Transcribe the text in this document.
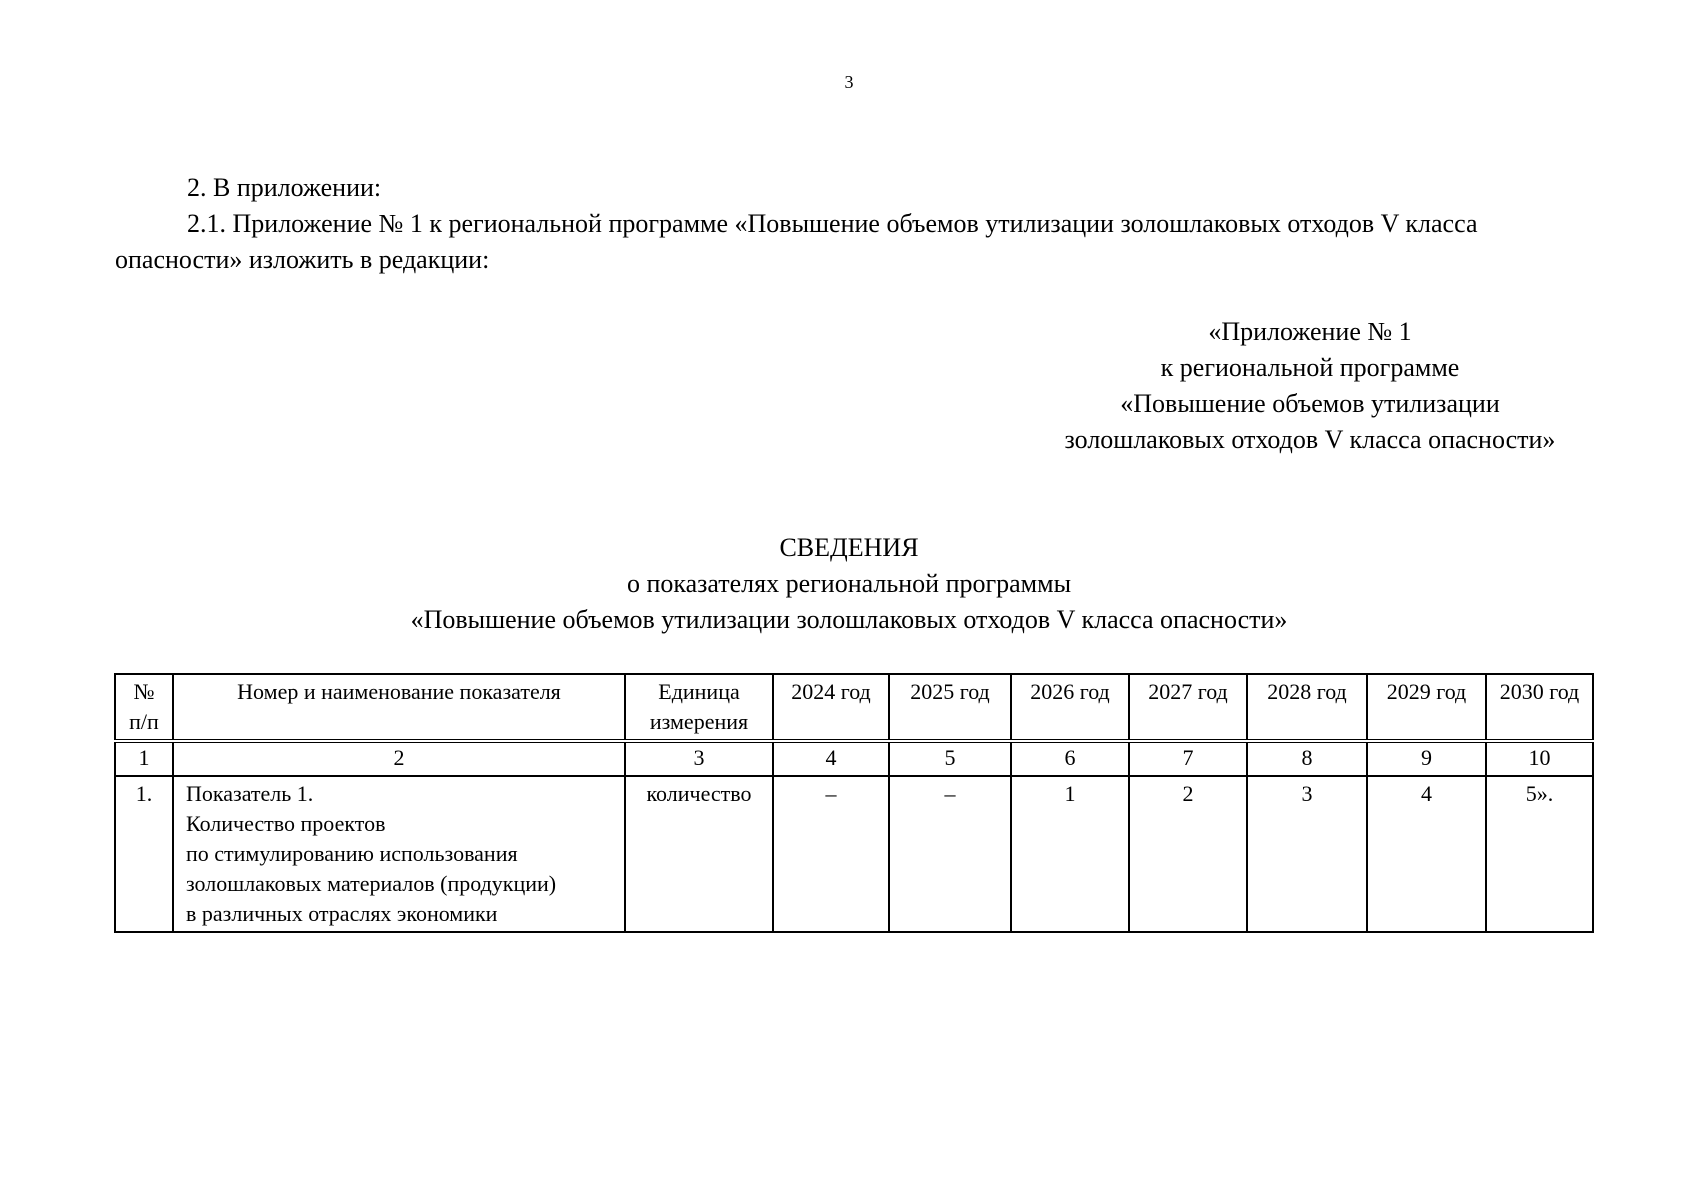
3

2. В приложении:

2.1. Приложение № 1 к региональной программе «Повышение объемов утилизации золошлаковых отходов V класса опасности» изложить в редакции:

«Приложение № 1
к региональной программе
«Повышение объемов утилизации
золошлаковых отходов V класса опасности»
СВЕДЕНИЯ
о показателях региональной программы
«Повышение объемов утилизации золошлаковых отходов V класса опасности»
№ п/п	Номер и наименование показателя	Единица измерения	2024 год	2025 год	2026 год	2027 год	2028 год	2029 год	2030 год
1	2	3	4	5	6	7	8	9	10
1.	Показатель 1.
Количество проектов
по стимулированию использования
золошлаковых материалов (продукции)
в различных отраслях экономики	количество	–	–	1	2	3	4	5».
